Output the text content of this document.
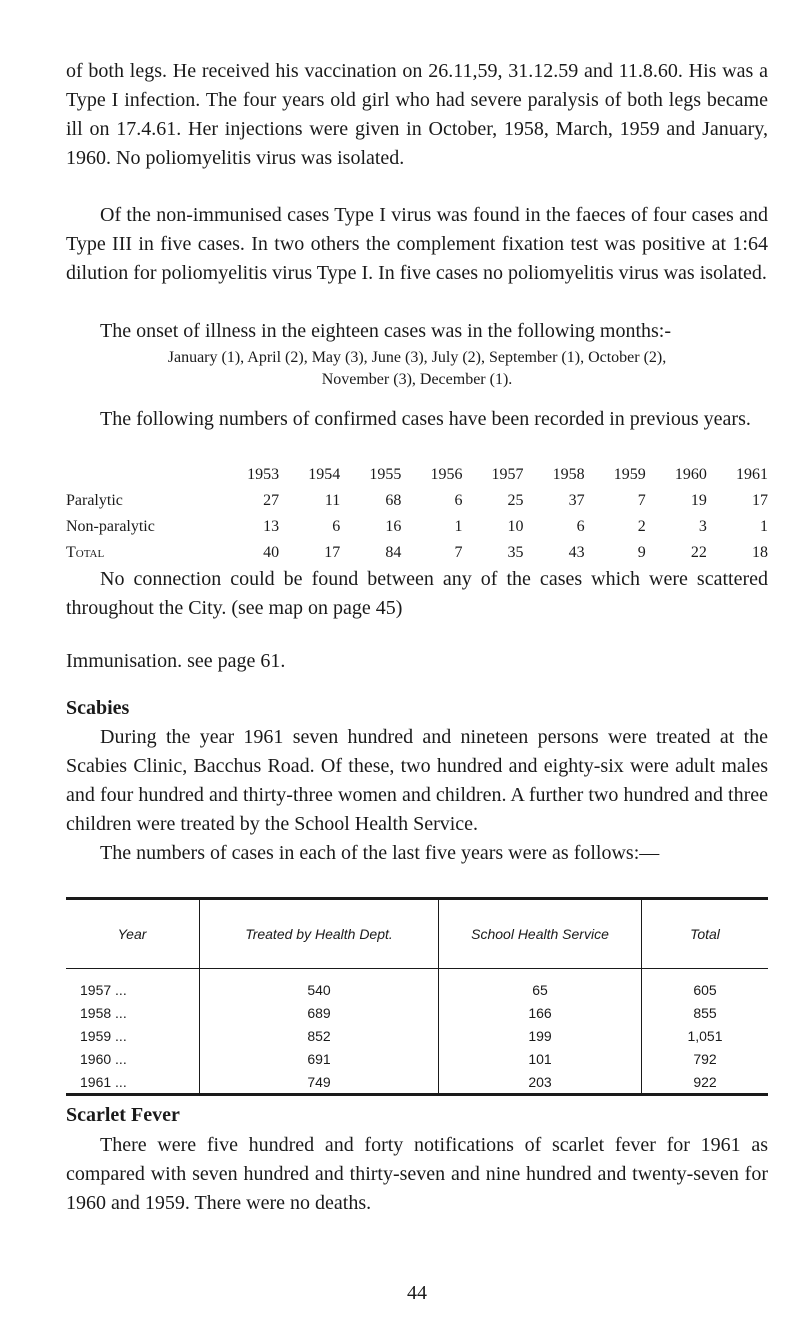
of both legs. He received his vaccination on 26.11,59, 31.12.59 and 11.8.60. His was a Type I infection. The four years old girl who had severe paralysis of both legs became ill on 17.4.61. Her injections were given in October, 1958, March, 1959 and January, 1960. No poliomyelitis virus was isolated.

Of the non-immunised cases Type I virus was found in the faeces of four cases and Type III in five cases. In two others the complement fixation test was positive at 1:64 dilution for poliomyelitis virus Type I. In five cases no poliomyelitis virus was isolated.

The onset of illness in the eighteen cases was in the following months:-

January (1), April (2), May (3), June (3), July (2), September (1), October (2),

November (3), December (1).

The following numbers of confirmed cases have been recorded in previous years.

	1953	1954	1955	1956	1957	1958	1959	1960	1961
Paralytic	27	11	68	6	25	37	7	19	17
Non-paralytic	13	6	16	1	10	6	2	3	1
Total	40	17	84	7	35	43	9	22	18

No connection could be found between any of the cases which were scattered throughout the City. (see map on page 45)

Immunisation. see page 61.

Scabies

During the year 1961 seven hundred and nineteen persons were treated at the Scabies Clinic, Bacchus Road. Of these, two hundred and eighty-six were adult males and four hundred and thirty-three women and children. A further two hundred and three children were treated by the School Health Service.

The numbers of cases in each of the last five years were as follows:—

Year	Treated by Health Dept.	School Health Service	Total
1957 ...	540	65	605
1958 ...	689	166	855
1959 ...	852	199	1,051
1960 ...	691	101	792
1961 ...	749	203	922
Scarlet Fever

There were five hundred and forty notifications of scarlet fever for 1961 as compared with seven hundred and thirty-seven and nine hundred and twenty-seven for 1960 and 1959. There were no deaths.

44
